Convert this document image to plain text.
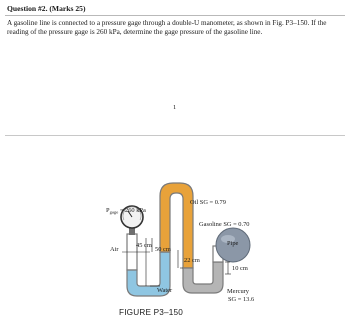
Question #2. (Marks 25)
A gasoline line is connected to a pressure gage through a double-U manometer, as shown in Fig. P3–150. If the reading of the pressure gage is 260 kPa, determine the gage pressure of the gasoline line.
1
$P_{gage} = 260$ kPa
Oil SG = 0.79
Gasoline SG = 0.70
Pipe
Air
45 cm
50 cm
22 cm
10 cm
Water	Mercury
SG = 13.6
FIGURE P3–150
